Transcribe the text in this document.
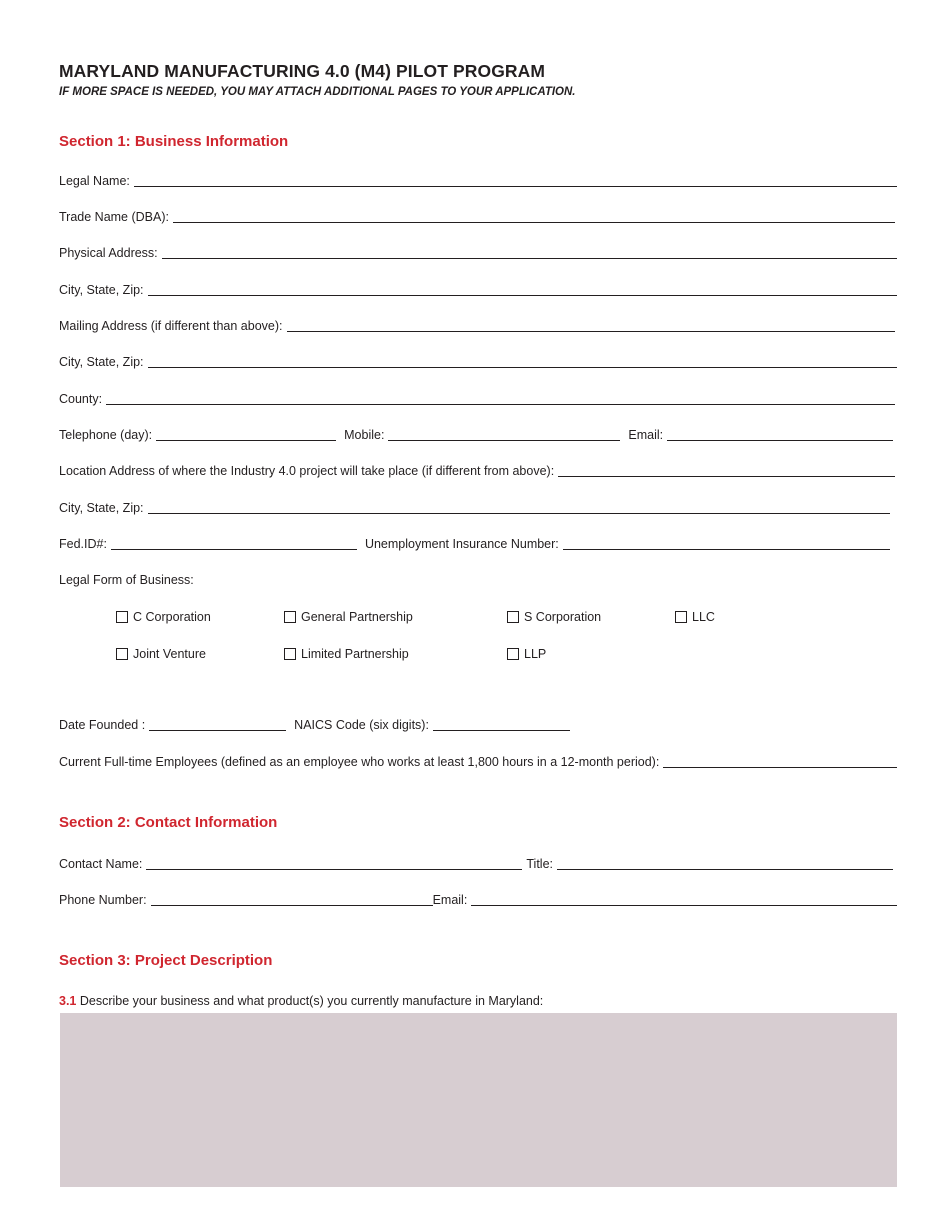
MARYLAND MANUFACTURING 4.0 (M4) PILOT PROGRAM
IF MORE SPACE IS NEEDED, YOU MAY ATTACH ADDITIONAL PAGES TO YOUR APPLICATION.
Section 1: Business Information
Legal Name:
Trade Name (DBA):
Physical Address:
City, State, Zip:
Mailing Address (if different than above):
City, State, Zip:
County:
Telephone (day):	Mobile:	Email:
Location Address of where the Industry 4.0 project will take place (if different from above):
City, State, Zip:
Fed.ID#:	Unemployment Insurance Number:
Legal Form of Business:
C Corporation	General Partnership	S Corporation	LLC
Joint Venture	Limited Partnership	LLP
Date Founded :	NAICS Code (six digits):
Current Full-time Employees (defined as an employee who works at least 1,800 hours in a 12-month period):
Section 2: Contact Information
Contact Name:	Title:
Phone Number:	Email:
Section 3: Project Description
3.1 Describe your business and what product(s) you currently manufacture in Maryland:
